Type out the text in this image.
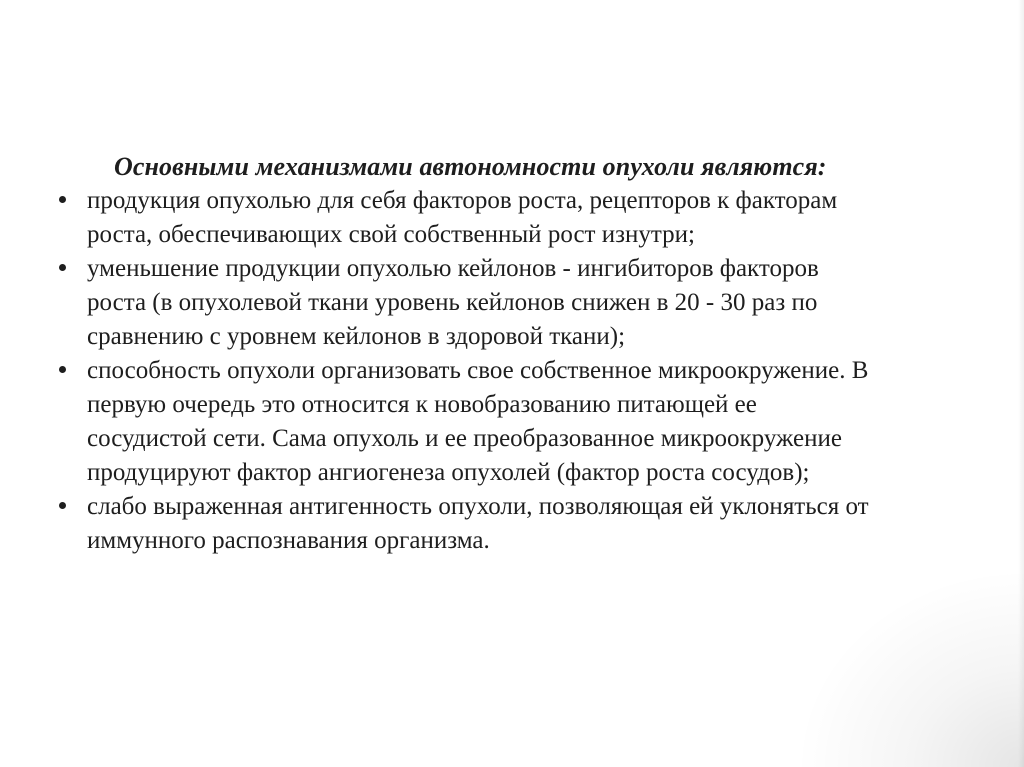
Основными механизмами автономности опухоли являются:

продукция опухолью для себя факторов роста, рецепторов к факторам
роста, обеспечивающих свой собственный рост изнутри;
уменьшение продукции опухолью кейлонов - ингибиторов факторов
роста (в опухолевой ткани уровень кейлонов снижен в 20 - 30 раз по
сравнению с уровнем кейлонов в здоровой ткани);
способность опухоли организовать свое собственное микроокружение. В
первую очередь это относится к новобразованию питающей ее
сосудистой сети. Сама опухоль и ее преобразованное микроокружение
продуцируют фактор ангиогенеза опухолей (фактор роста сосудов);
слабо выраженная антигенность опухоли, позволяющая ей уклоняться от
иммунного распознавания организма.
